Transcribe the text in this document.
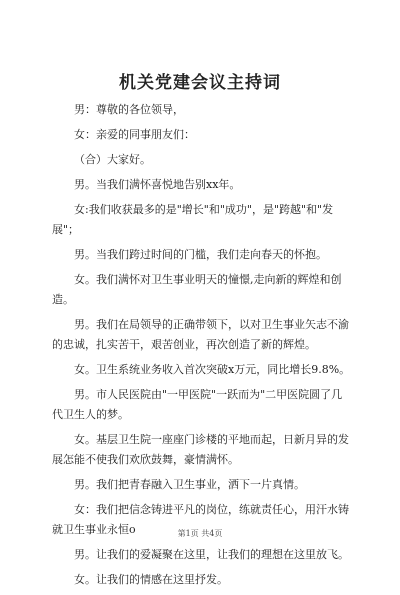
机关党建会议主持词

男：尊敬的各位领导，

女：亲爱的同事朋友们：

（合）大家好。

男。当我们满怀喜悦地告别xx年。

女:我们收获最多的是"增长"和"成功"，是"跨越"和"发展"；

男。当我们跨过时间的门槛，我们走向春天的怀抱。

女。我们满怀对卫生事业明天的憧憬,走向新的辉煌和创造。

男。我们在局领导的正确带领下，以对卫生事业矢志不渝的忠诚，扎实苦干，艰苦创业，再次创造了新的辉煌。

女。卫生系统业务收入首次突破x万元，同比增长9.8%。

男。市人民医院由"一甲医院"一跃而为"二甲医院圆了几代卫生人的梦。

女。基层卫生院一座座门诊楼的平地而起，日新月异的发展怎能不使我们欢欣鼓舞，豪情满怀。

男。我们把青春融入卫生事业，洒下一片真情。

女：我们把信念铸进平凡的岗位，练就责任心，用汗水铸就卫生事业永恒o

男。让我们的爱凝聚在这里，让我们的理想在这里放飞。

女。让我们的情感在这里抒发。

第1页 共4页
